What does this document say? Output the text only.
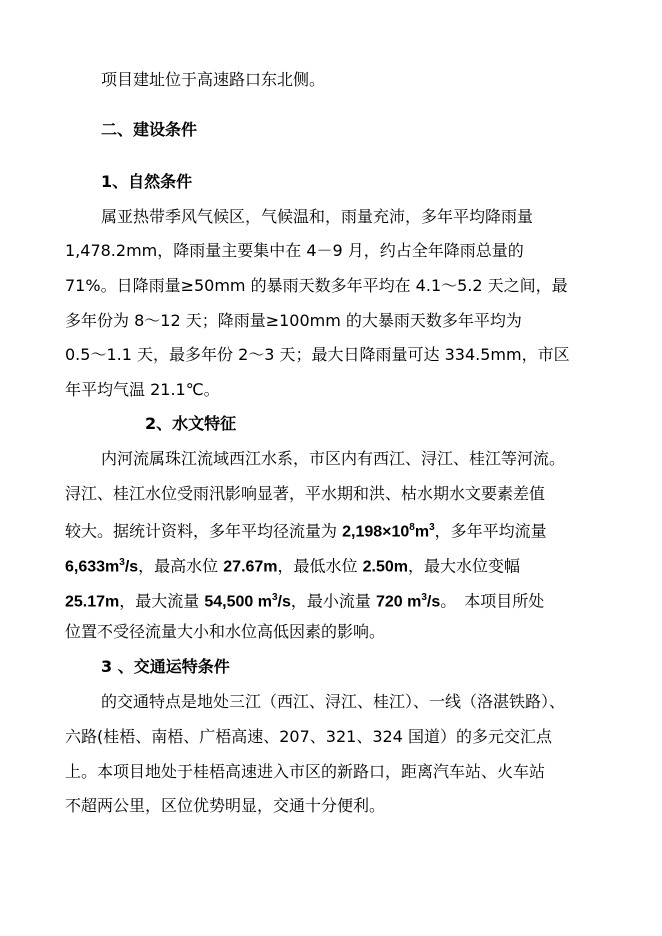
项目建址位于高速路口东北侧。
二、建设条件
1、自然条件
属亚热带季风气候区，气候温和，雨量充沛，多年平均降雨量
1,478.2mm，降雨量主要集中在 4－9 月，约占全年降雨总量的
71%。日降雨量≥50mm 的暴雨天数多年平均在 4.1～5.2 天之间，最
多年份为 8～12 天；降雨量≥100mm 的大暴雨天数多年平均为
0.5～1.1 天，最多年份 2～3 天；最大日降雨量可达 334.5mm，市区
年平均气温 21.1℃。
2、水文特征
内河流属珠江流域西江水系，市区内有西江、浔江、桂江等河流。
浔江、桂江水位受雨汛影响显著，平水期和洪、枯水期水文要素差值
较大。据统计资料，多年平均径流量为 $2,198\times 10^8m^3$，多年平均流量
$6,633m^3/s$，最高水位 27.67m，最低水位 2.50m，最大水位变幅
25.17m，最大流量 54,500 $m^3/s$，最小流量 720 $m^3/s$。　本项目所处
位置不受径流量大小和水位高低因素的影响。
3 、交通运特条件
的交通特点是地处三江（西江、浔江、桂江）、一线（洛湛铁路）、
六路(桂梧、南梧、广梧高速、207、321、324 国道）的多元交汇点
上。本项目地处于桂梧高速进入市区的新路口，距离汽车站、火车站
不超两公里，区位优势明显，交通十分便利。
